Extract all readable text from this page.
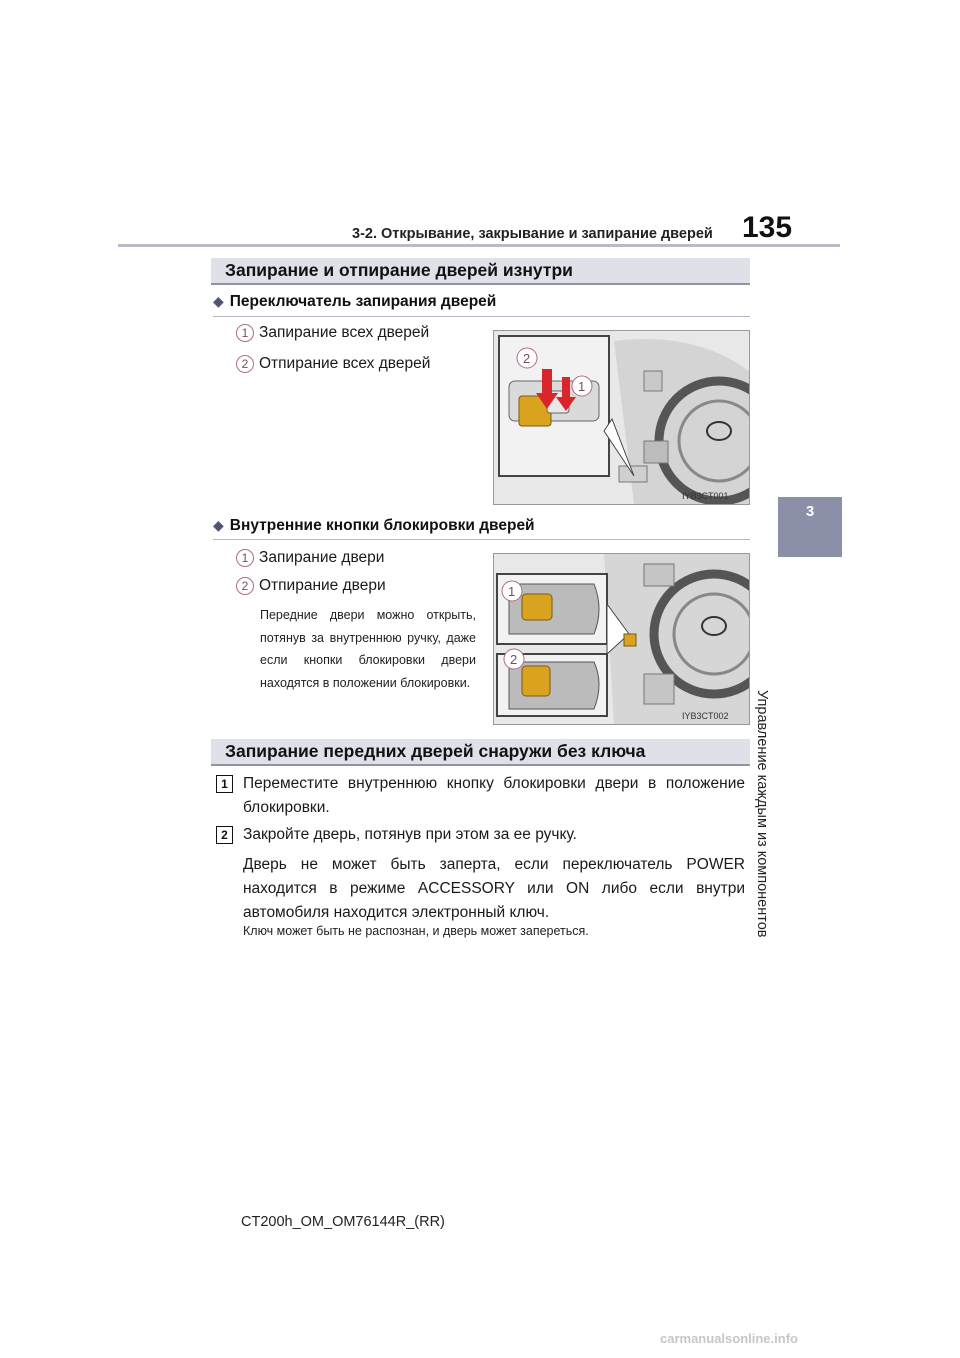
3-2. Открывание, закрывание и запирание дверей 135
3
Управление каждым из компонентов
Запирание и отпирание дверей изнутри
◆ Переключатель запирания дверей
1 Запирание всех дверей
2 Отпирание всех дверей	2
1
IYB3CT001
◆ Внутренние кнопки блокировки дверей
1 Запирание двери
2 Отпирание двери
Передние двери можно открыть, потянув за внутреннюю ручку, даже если кнопки блокировки двери находятся в положении блокировки.
1
2
IYB3CT002
Запирание передних дверей снаружи без ключа
1 Переместите внутреннюю кнопку блокировки двери в положение блокировки.
2 Закройте дверь, потянув при этом за ее ручку.
Дверь не может быть заперта, если переключатель POWER находится в режиме ACCESSORY или ON либо если внутри автомобиля находится электронный ключ.
Ключ может быть не распознан, и дверь может запереться.
CT200h_OM_OM76144R_(RR)
carmanualsonline.info
